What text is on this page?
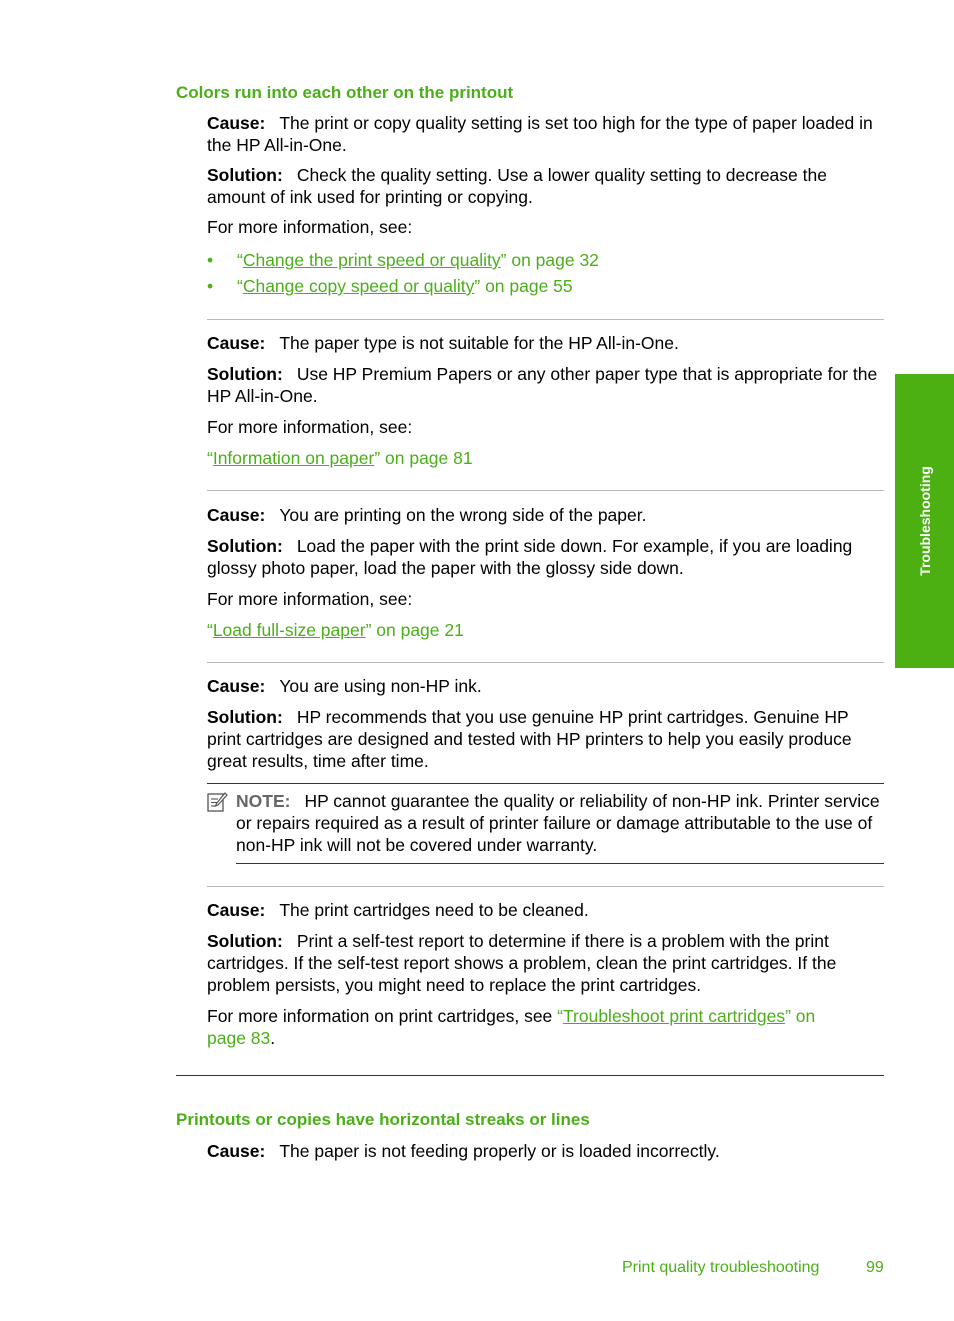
Colors run into each other on the printout

Cause: The print or copy quality setting is set too high for the type of paper loaded in the HP All-in-One.

Solution: Check the quality setting. Use a lower quality setting to decrease the amount of ink used for printing or copying.

For more information, see:

• “Change the print speed or quality” on page 32
• “Change copy speed or quality” on page 55

Cause: The paper type is not suitable for the HP All-in-One.

Solution: Use HP Premium Papers or any other paper type that is appropriate for the HP All-in-One.

For more information, see:

“Information on paper” on page 81

Cause: You are printing on the wrong side of the paper.

Solution: Load the paper with the print side down. For example, if you are loading glossy photo paper, load the paper with the glossy side down.

For more information, see:

“Load full-size paper” on page 21

Cause: You are using non-HP ink.

Solution: HP recommends that you use genuine HP print cartridges. Genuine HP print cartridges are designed and tested with HP printers to help you easily produce great results, time after time.

NOTE: HP cannot guarantee the quality or reliability of non-HP ink. Printer service or repairs required as a result of printer failure or damage attributable to the use of non-HP ink will not be covered under warranty.

Cause: The print cartridges need to be cleaned.

Solution: Print a self-test report to determine if there is a problem with the print cartridges. If the self-test report shows a problem, clean the print cartridges. If the problem persists, you might need to replace the print cartridges.

For more information on print cartridges, see “Troubleshoot print cartridges” on page 83.

Printouts or copies have horizontal streaks or lines

Cause: The paper is not feeding properly or is loaded incorrectly.

Troubleshooting
Print quality troubleshooting	99
